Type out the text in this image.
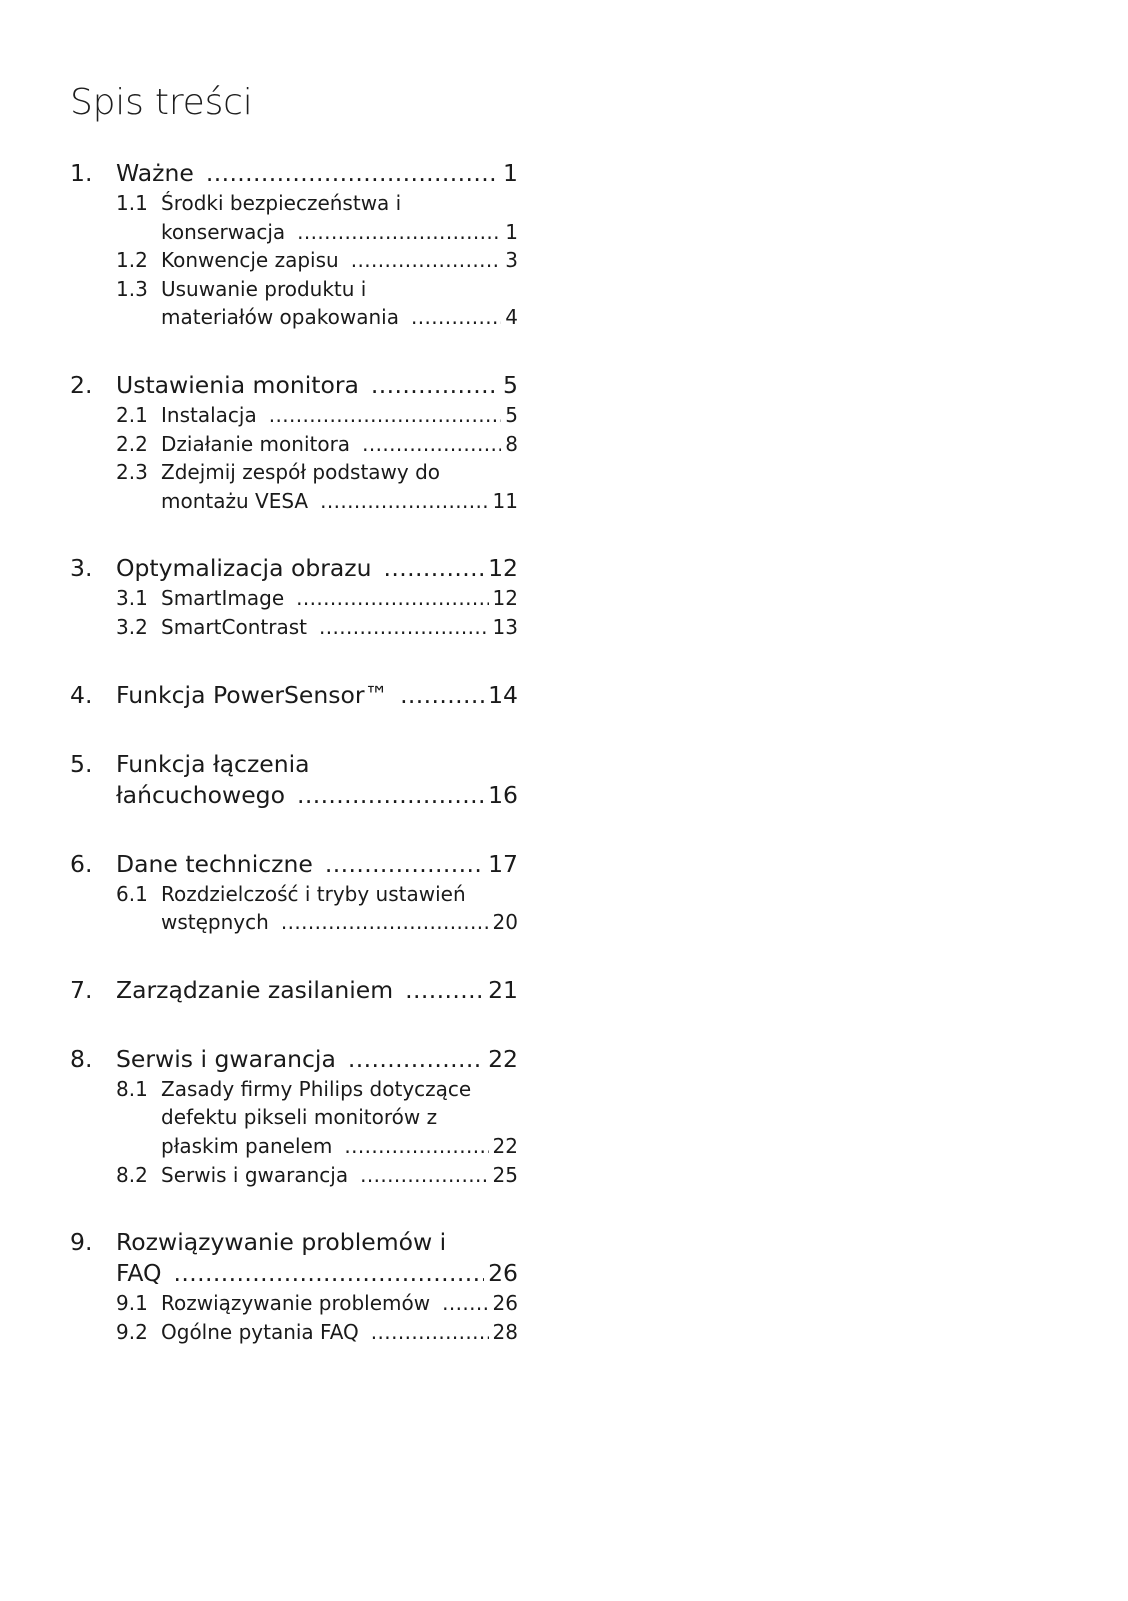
Spis treści
1.	Ważne .....	1
1.1 Środki bezpieczeństwa i
konserwacja .....	1
1.2 Konwencje zapisu .....	3
1.3 Usuwanie produktu i
materiałów opakowania .....	4
2.	Ustawienia monitora .....	5
2.1 Instalacja .....	5
2.2 Działanie monitora .....	8
2.3 Zdejmij zespół podstawy do
montażu VESA .....	11
3.	Optymalizacja obrazu .....	12
3.1 SmartImage .....	12
3.2 SmartContrast .....	13
4.	Funkcja PowerSensor™ .....	14
5.	Funkcja łączenia
łańcuchowego .....	16
6.	Dane techniczne .....	17
6.1 Rozdzielczość i tryby ustawień
wstępnych .....	20
7.	Zarządzanie zasilaniem .....	21
8.	Serwis i gwarancja .....	22
8.1 Zasady firmy Philips dotyczące
defektu pikseli monitorów z
płaskim panelem .....	22
8.2 Serwis i gwarancja .....	25
9.	Rozwiązywanie problemów i
FAQ .....	26
9.1 Rozwiązywanie problemów .....	26
9.2 Ogólne pytania FAQ .....	28
